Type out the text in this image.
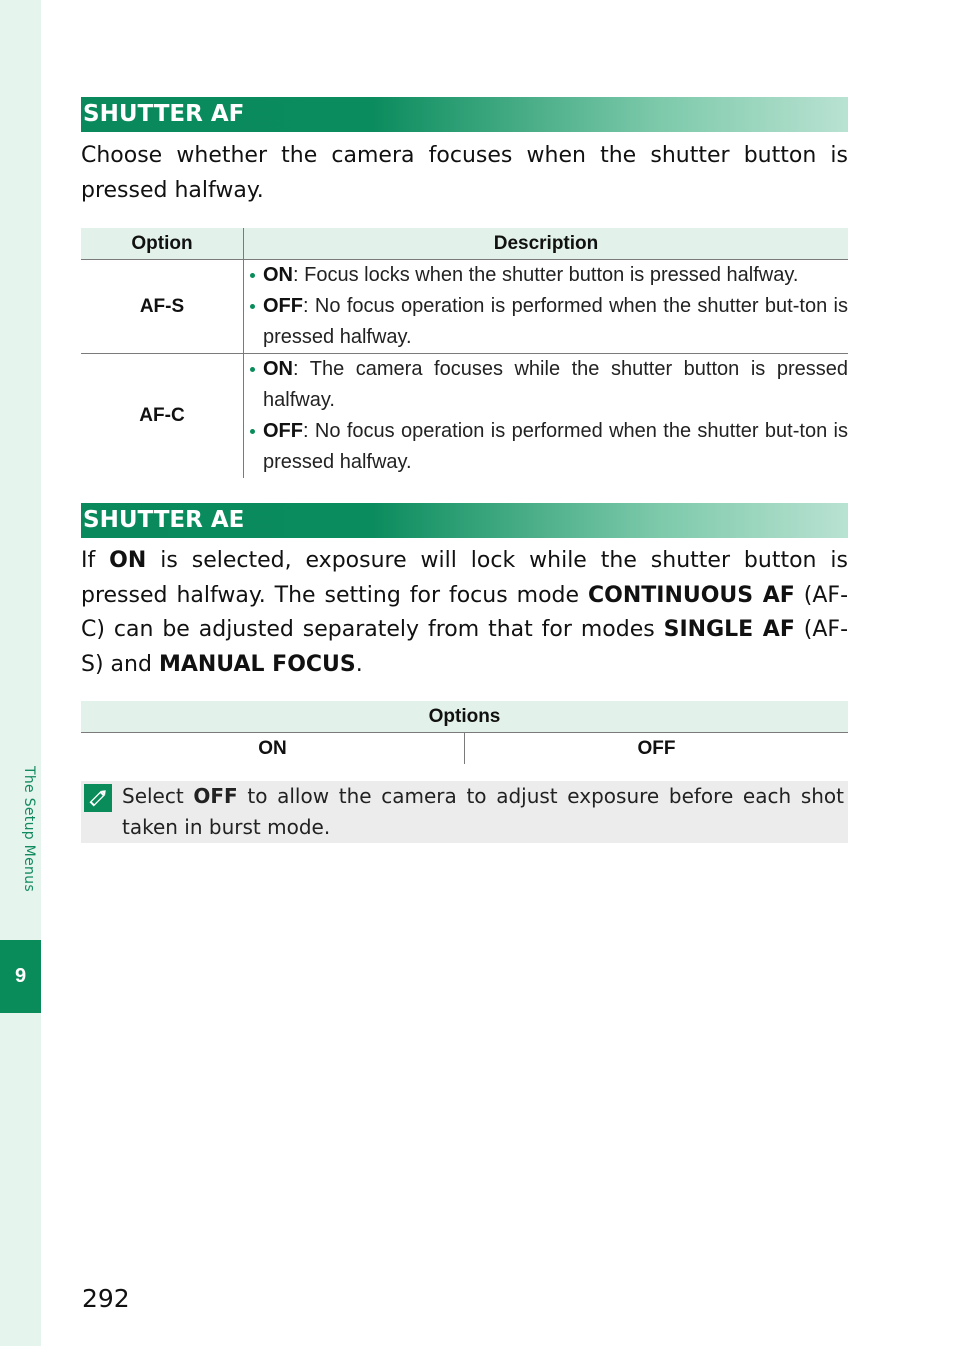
The Setup Menus
9
SHUTTER AF

Choose whether the camera focuses when the shutter button is pressed halfway.

Option	Description
AF-S	ON: Focus locks when the shutter button is pressed halfway.
OFF: No focus operation is performed when the shutter but-ton is pressed halfway.

AF-C	ON: The camera focuses while the shutter button is pressed halfway.
OFF: No focus operation is performed when the shutter but-ton is pressed halfway.
SHUTTER AE

If ON is selected, exposure will lock while the shutter button is pressed halfway. The setting for focus mode CONTINUOUS AF (AF-C) can be adjusted separately from that for modes SINGLE AF (AF-S) and MANUAL FOCUS.

Options
ON	OFF
Select OFF to allow the camera to adjust exposure before each shot taken in burst mode.
292
